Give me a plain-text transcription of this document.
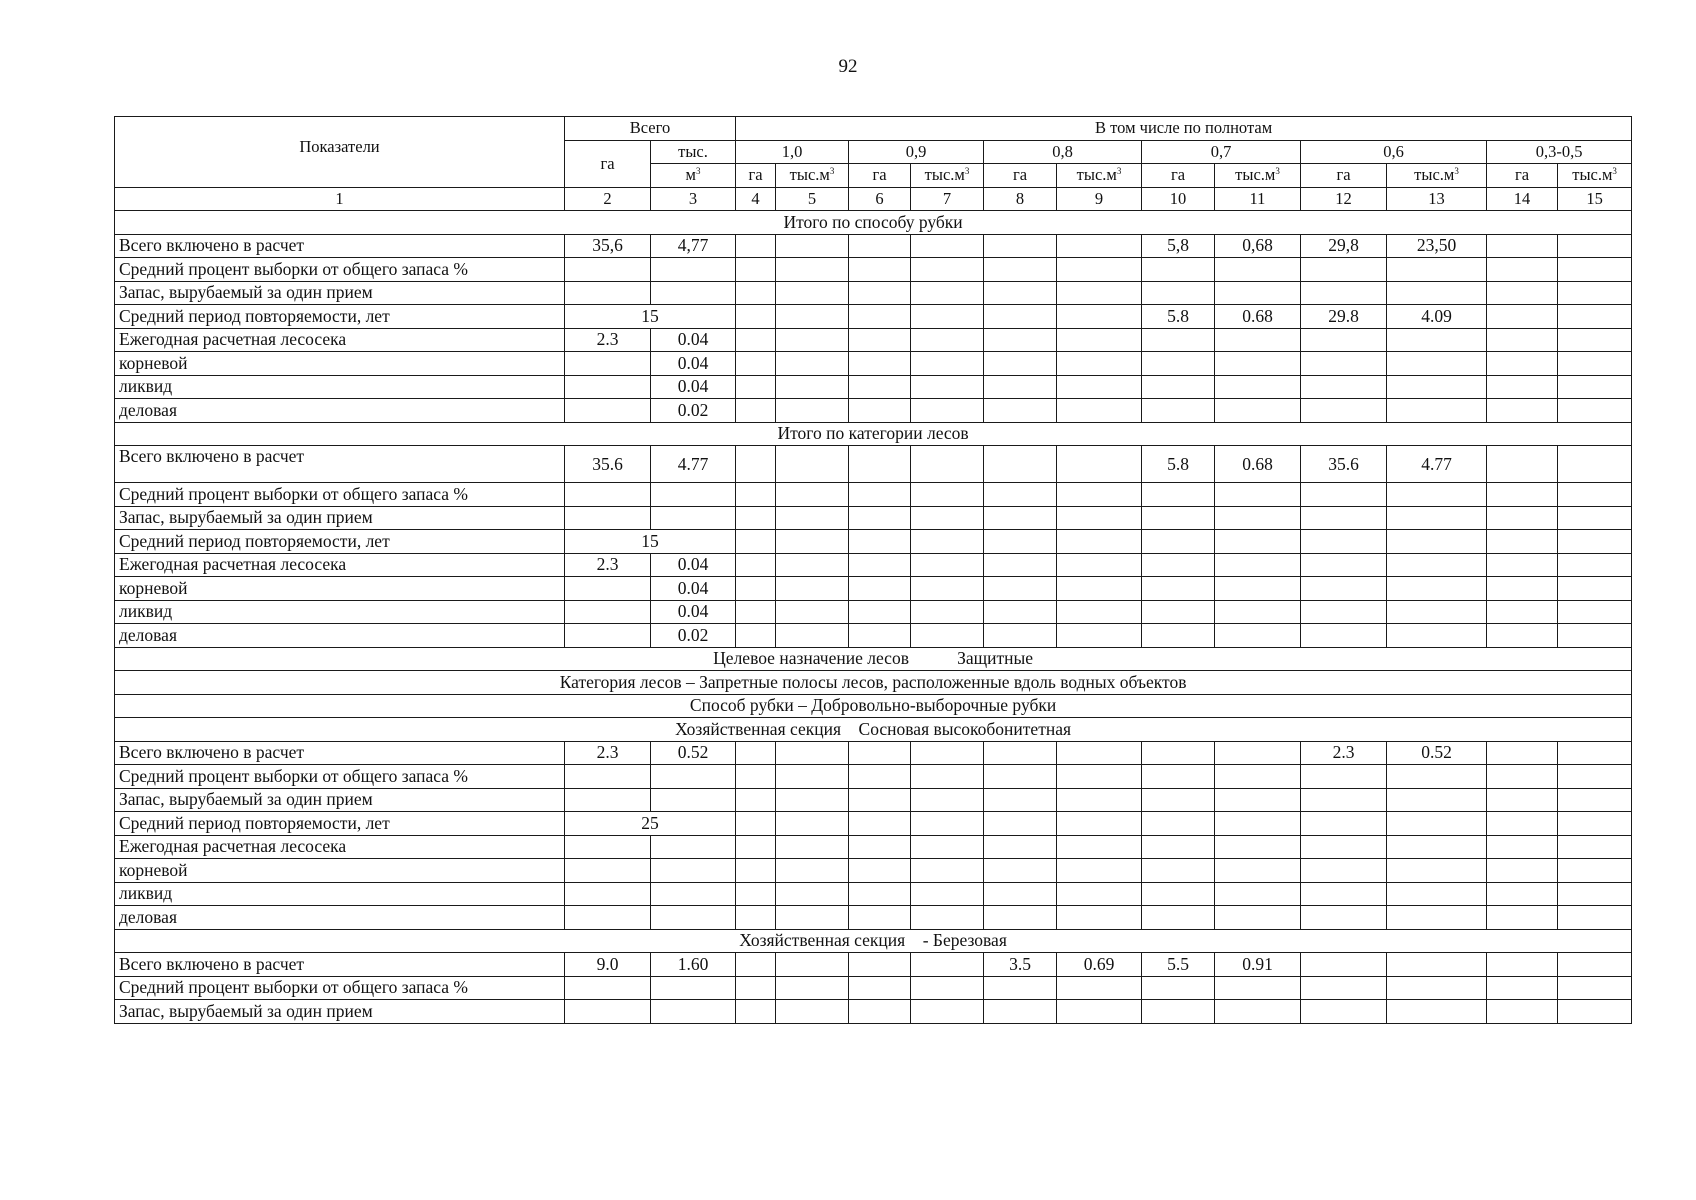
92
Показатели	Всего		В том числе по полнотам											
	га	тыс.	1,0		0,9		0,8		0,7		0,6		0,3-0,5	
		$м^3$	га	$тыс.м^3$	га	$тыс.м^3$	га	$тыс.м^3$	га	$тыс.м^3$	га	$тыс.м^3$	га	$тыс.м^3$
1	2	3	4	5	6	7	8	9	10	11	12	13	14	15
Итого по способу рубки														
Всего включено в расчет	35,6	4,77							5,8	0,68	29,8	23,50		
Средний процент выборки от общего запаса %														
Запас, вырубаемый за один прием														
Средний период повторяемости, лет	15								5.8	0.68	29.8	4.09		
Ежегодная расчетная лесосека	2.3	0.04												
корневой		0.04												
ликвид		0.04												
деловая		0.02												
Итого по категории лесов														
Всего включено в расчет	35.6	4.77							5.8	0.68	35.6	4.77		
Средний процент выборки от общего запаса %														
Запас, вырубаемый за один прием														
Средний период повторяемости, лет	15													
Ежегодная расчетная лесосека	2.3	0.04												
корневой		0.04												
ликвид		0.04												
деловая		0.02												
Целевое назначение лесов           Защитные														
Категория лесов – Запретные полосы лесов, расположенные вдоль водных объектов														
Способ рубки – Добровольно-выборочные рубки														
Хозяйственная секция    Сосновая высокобонитетная														
Всего включено в расчет	2.3	0.52									2.3	0.52		
Средний процент выборки от общего запаса %														
Запас, вырубаемый за один прием														
Средний период повторяемости, лет	25													
Ежегодная расчетная лесосека														
корневой														
ликвид														
деловая														
Хозяйственная секция    - Березовая														
Всего включено в расчет	9.0	1.60					3.5	0.69	5.5	0.91				
Средний процент выборки от общего запаса %														
Запас, вырубаемый за один прием														
